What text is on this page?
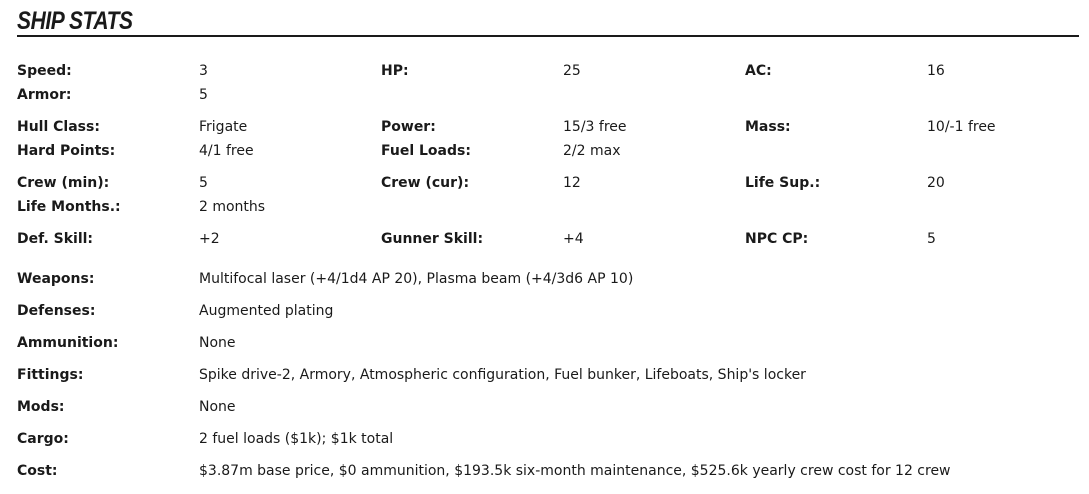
SHIP STATS
Speed:	3	HP:	25	AC:	16
Armor:	5
Hull Class:	Frigate	Power:	15/3 free	Mass:	10/-1 free
Hard Points:	4/1 free	Fuel Loads:	2/2 max
Crew (min):	5	Crew (cur):	12	Life Sup.:	20
Life Months.:	2 months
Def. Skill:	+2	Gunner Skill:	+4	NPC CP:	5
Weapons:	Multifocal laser (+4/1d4 AP 20), Plasma beam (+4/3d6 AP 10)
Defenses:	Augmented plating
Ammunition:	None
Fittings:	Spike drive-2, Armory, Atmospheric configuration, Fuel bunker, Lifeboats, Ship's locker
Mods:	None
Cargo:	2 fuel loads ($1k); $1k total
Cost:	$3.87m base price, $0 ammunition, $193.5k six-month maintenance, $525.6k yearly crew cost for 12 crew
